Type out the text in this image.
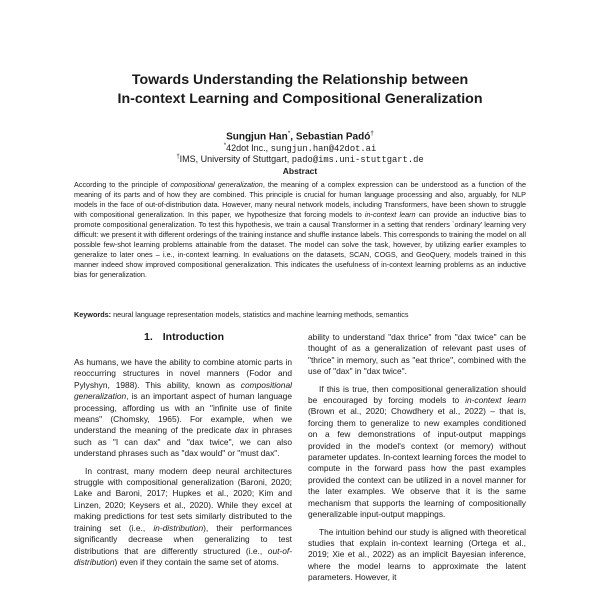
Towards Understanding the Relationship between
In-context Learning and Compositional Generalization
Sungjun Han*, Sebastian Padó†
*42dot Inc., sungjun.han@42dot.ai
†IMS, University of Stuttgart, pado@ims.uni-stuttgart.de
Abstract
According to the principle of compositional generalization, the meaning of a complex expression can be understood as a function of the meaning of its parts and of how they are combined. This principle is crucial for human language processing and also, arguably, for NLP models in the face of out-of-distribution data. However, many neural network models, including Transformers, have been shown to struggle with compositional generalization. In this paper, we hypothesize that forcing models to in-context learn can provide an inductive bias to promote compositional generalization. To test this hypothesis, we train a causal Transformer in a setting that renders `ordinary' learning very difficult: we present it with different orderings of the training instance and shuffle instance labels. This corresponds to training the model on all possible few-shot learning problems attainable from the dataset. The model can solve the task, however, by utilizing earlier examples to generalize to later ones – i.e., in-context learning. In evaluations on the datasets, SCAN, COGS, and GeoQuery, models trained in this manner indeed show improved compositional generalization. This indicates the usefulness of in-context learning problems as an inductive bias for generalization.
Keywords: neural language representation models, statistics and machine learning methods, semantics
1. Introduction

As humans, we have the ability to combine atomic parts in reoccurring structures in novel manners (Fodor and Pylyshyn, 1988). This ability, known as compositional generalization, is an important aspect of human language processing, affording us with an "infinite use of finite means" (Chomsky, 1965). For example, when we understand the meaning of the predicate dax in phrases such as "I can dax" and "dax twice", we can also understand phrases such as "dax would" or "must dax".

In contrast, many modern deep neural architectures struggle with compositional generalization (Baroni, 2020; Lake and Baroni, 2017; Hupkes et al., 2020; Kim and Linzen, 2020; Keysers et al., 2020). While they excel at making predictions for test sets similarly distributed to the training set (i.e., in-distribution), their performances significantly decrease when generalizing to test distributions that are differently structured (i.e., out-of-distribution) even if they contain the same set of atoms.

ability to understand "dax thrice" from "dax twice" can be thought of as a generalization of relevant past uses of "thrice" in memory, such as "eat thrice", combined with the use of "dax" in "dax twice".

If this is true, then compositional generalization should be encouraged by forcing models to in-context learn (Brown et al., 2020; Chowdhery et al., 2022) – that is, forcing them to generalize to new examples conditioned on a few demonstrations of input-output mappings provided in the model's context (or memory) without parameter updates. In-context learning forces the model to compute in the forward pass how the past examples provided the context can be utilized in a novel manner for the later examples. We observe that it is the same mechanism that supports the learning of compositionally generalizable input-output mappings.

The intuition behind our study is aligned with theoretical studies that explain in-context learning (Ortega et al., 2019; Xie et al., 2022) as an implicit Bayesian inference, where the model learns to approximate the latent parameters. However, it
